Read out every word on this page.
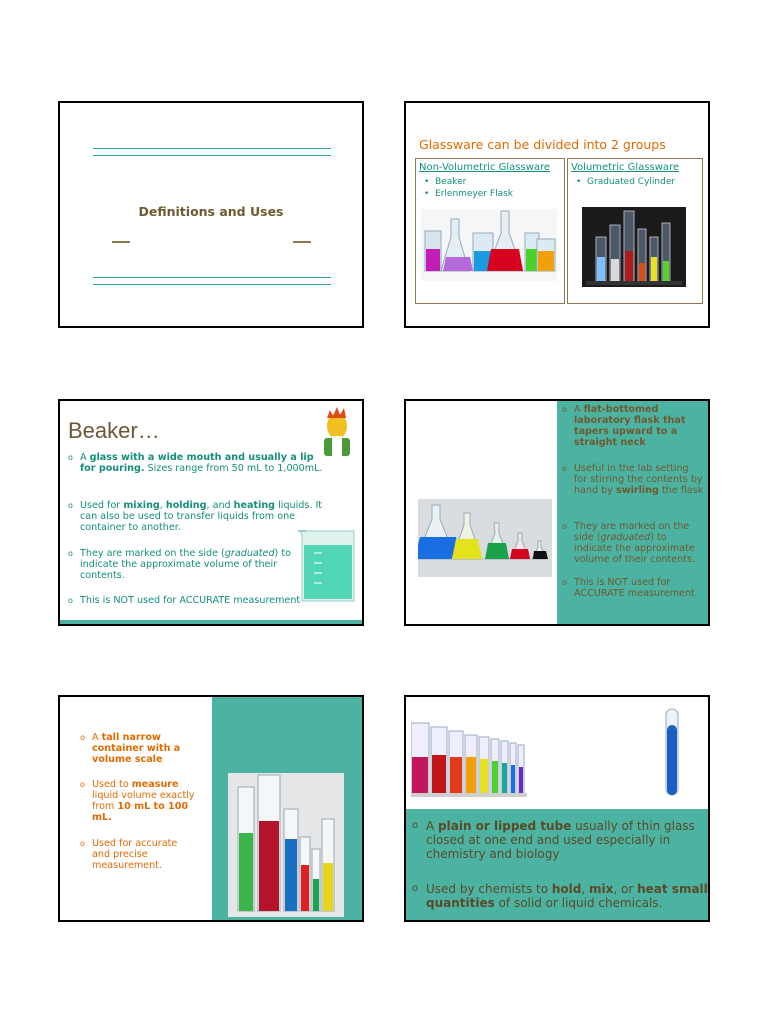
Definitions and Uses
Glassware can be divided into 2 groups
Non-Volumetric Glassware
•  Beaker
•  Erlenmeyer Flask
Volumetric Glassware
•  Graduated Cylinder
Beaker…
o A glass with a wide mouth and usually a lip for pouring. Sizes range from 50 mL to 1,000mL.
o Used for mixing, holding, and heating liquids. It can also be used to transfer liquids from one container to another.
o They are marked on the side (graduated) to indicate the approximate volume of their contents.
o This is NOT used for ACCURATE measurement
o A flat-bottomed laboratory flask that tapers upward to a straight neck
o Useful in the lab setting for stirring the contents by hand by swirling the flask
o They are marked on the side (graduated) to indicate the approximate volume of their contents.
o This is NOT used for ACCURATE measurement
o A tall narrow container with a volume scale
o Used to measure liquid volume exactly from 10 mL to 100 mL.
o Used for accurate and precise measurement.
o A plain or lipped tube usually of thin glass closed at one end and used especially in chemistry and biology
o Used by chemists to hold, mix, or heat small quantities of solid or liquid chemicals.
